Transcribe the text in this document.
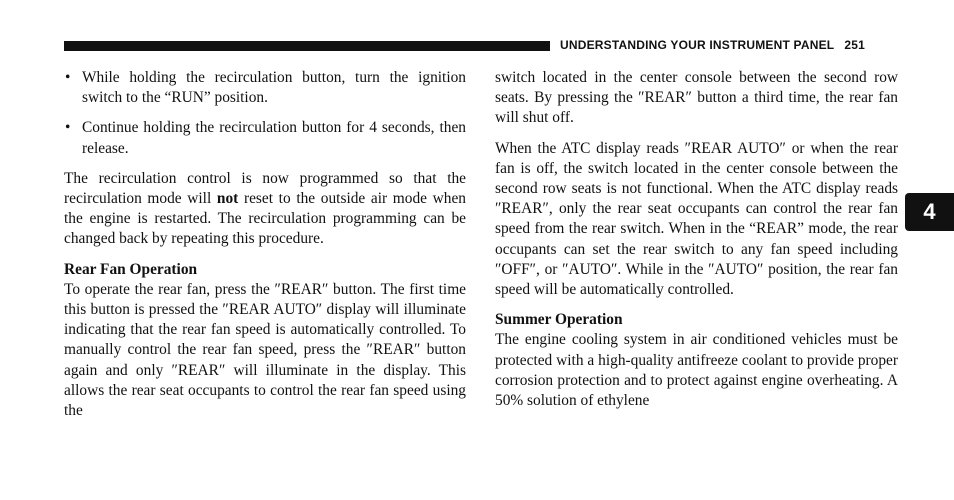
UNDERSTANDING YOUR INSTRUMENT PANEL 251
• While holding the recirculation button, turn the ignition switch to the “RUN” position.
• Continue holding the recirculation button for 4 seconds, then release.

The recirculation control is now programmed so that the recirculation mode will not reset to the outside air mode when the engine is restarted. The recirculation programming can be changed back by repeating this procedure.

Rear Fan Operation
To operate the rear fan, press the ″REAR″ button. The first time this button is pressed the ″REAR AUTO″ display will illuminate indicating that the rear fan speed is automatically controlled. To manually control the rear fan speed, press the ″REAR″ button again and only ″REAR″ will illuminate in the display. This allows the rear seat occupants to control the rear fan speed using the

switch located in the center console between the second row seats. By pressing the ″REAR″ button a third time, the rear fan will shut off.

When the ATC display reads ″REAR AUTO″ or when the rear fan is off, the switch located in the center console between the second row seats is not functional. When the ATC display reads ″REAR″, only the rear seat occupants can control the rear fan speed from the rear switch. When in the “REAR” mode, the rear occupants can set the rear switch to any fan speed including ″OFF″, or ″AUTO″. While in the ″AUTO″ position, the rear fan speed will be automatically controlled.

Summer Operation
The engine cooling system in air conditioned vehicles must be protected with a high-quality antifreeze coolant to provide proper corrosion protection and to protect against engine overheating. A 50% solution of ethylene
4
